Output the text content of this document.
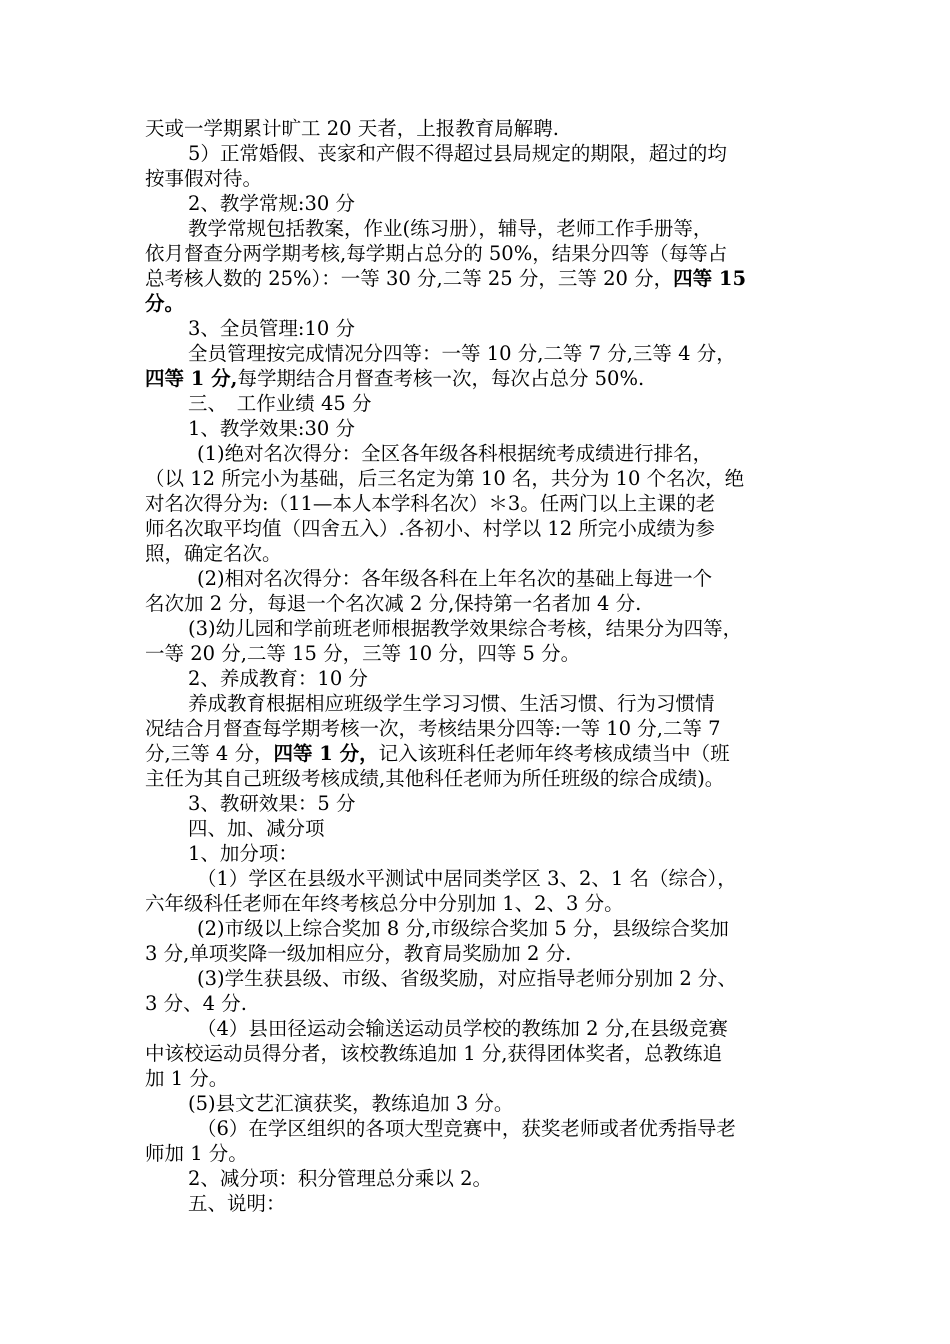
天或一学期累计旷工 20 天者，上报教育局解聘.
5）正常婚假、丧家和产假不得超过县局规定的期限，超过的均
按事假对待。
2、教学常规:30 分
教学常规包括教案，作业(练习册），辅导，老师工作手册等，
依月督查分两学期考核,每学期占总分的 50%，结果分四等（每等占
总考核人数的 25%）：一等 30 分,二等 25 分，三等 20 分，四等 15
分。
3、全员管理:10 分
全员管理按完成情况分四等：一等 10 分,二等 7 分,三等 4 分，
四等 1 分,每学期结合月督查考核一次，每次占总分 50%.
三、　工作业绩 45 分
1、教学效果:30 分
(1)绝对名次得分：全区各年级各科根据统考成绩进行排名，
（以 12 所完小为基础，后三名定为第 10 名，共分为 10 个名次，绝
对名次得分为:（11—本人本学科名次）＊3。任两门以上主课的老
师名次取平均值（四舍五入）.各初小、村学以 12 所完小成绩为参
照，确定名次。
(2)相对名次得分：各年级各科在上年名次的基础上每进一个
名次加 2 分，每退一个名次减 2 分,保持第一名者加 4 分.
(3)幼儿园和学前班老师根据教学效果综合考核，结果分为四等，
一等 20 分,二等 15 分，三等 10 分，四等 5 分。
2、养成教育：10 分
养成教育根据相应班级学生学习习惯、生活习惯、行为习惯情
况结合月督查每学期考核一次，考核结果分四等:一等 10 分,二等 7
分,三等 4 分，四等 1 分，记入该班科任老师年终考核成绩当中（班
主任为其自己班级考核成绩,其他科任老师为所任班级的综合成绩)。
3、教研效果：5 分
四、加、减分项
1、加分项：
（1）学区在县级水平测试中居同类学区 3、2、1 名（综合），
六年级科任老师在年终考核总分中分别加 1、2、3 分。
(2)市级以上综合奖加 8 分,市级综合奖加 5 分，县级综合奖加
3 分,单项奖降一级加相应分，教育局奖励加 2 分.
(3)学生获县级、市级、省级奖励，对应指导老师分别加 2 分、
3 分、4 分.
（4）县田径运动会输送运动员学校的教练加 2 分,在县级竞赛
中该校运动员得分者，该校教练追加 1 分,获得团体奖者，总教练追
加 1 分。
(5)县文艺汇演获奖，教练追加 3 分。
（6）在学区组织的各项大型竞赛中，获奖老师或者优秀指导老
师加 1 分。
2、减分项：积分管理总分乘以 2。
五、说明：
